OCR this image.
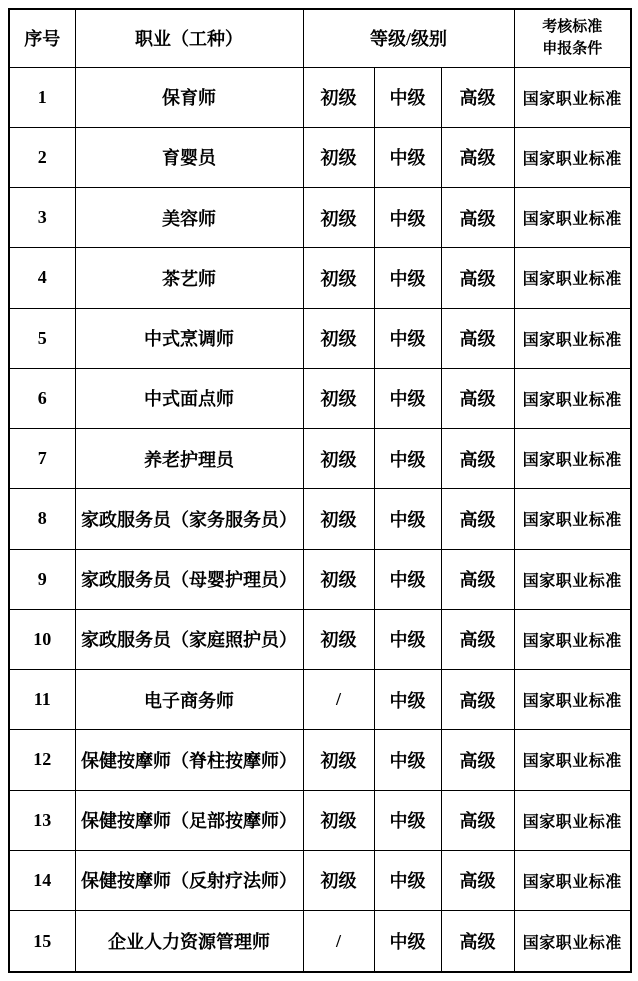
序号	职业（工种）	等级/级别			考核标准
申报条件

1	保育师	初级	中级	高级	国家职业标准
2	育婴员	初级	中级	高级	国家职业标准
3	美容师	初级	中级	高级	国家职业标准
4	茶艺师	初级	中级	高级	国家职业标准
5	中式烹调师	初级	中级	高级	国家职业标准
6	中式面点师	初级	中级	高级	国家职业标准
7	养老护理员	初级	中级	高级	国家职业标准
8	家政服务员（家务服务员）	初级	中级	高级	国家职业标准
9	家政服务员（母婴护理员）	初级	中级	高级	国家职业标准
10	家政服务员（家庭照护员）	初级	中级	高级	国家职业标准
11	电子商务师	/	中级	高级	国家职业标准
12	保健按摩师（脊柱按摩师）	初级	中级	高级	国家职业标准
13	保健按摩师（足部按摩师）	初级	中级	高级	国家职业标准
14	保健按摩师（反射疗法师）	初级	中级	高级	国家职业标准
15	企业人力资源管理师	/	中级	高级	国家职业标准
